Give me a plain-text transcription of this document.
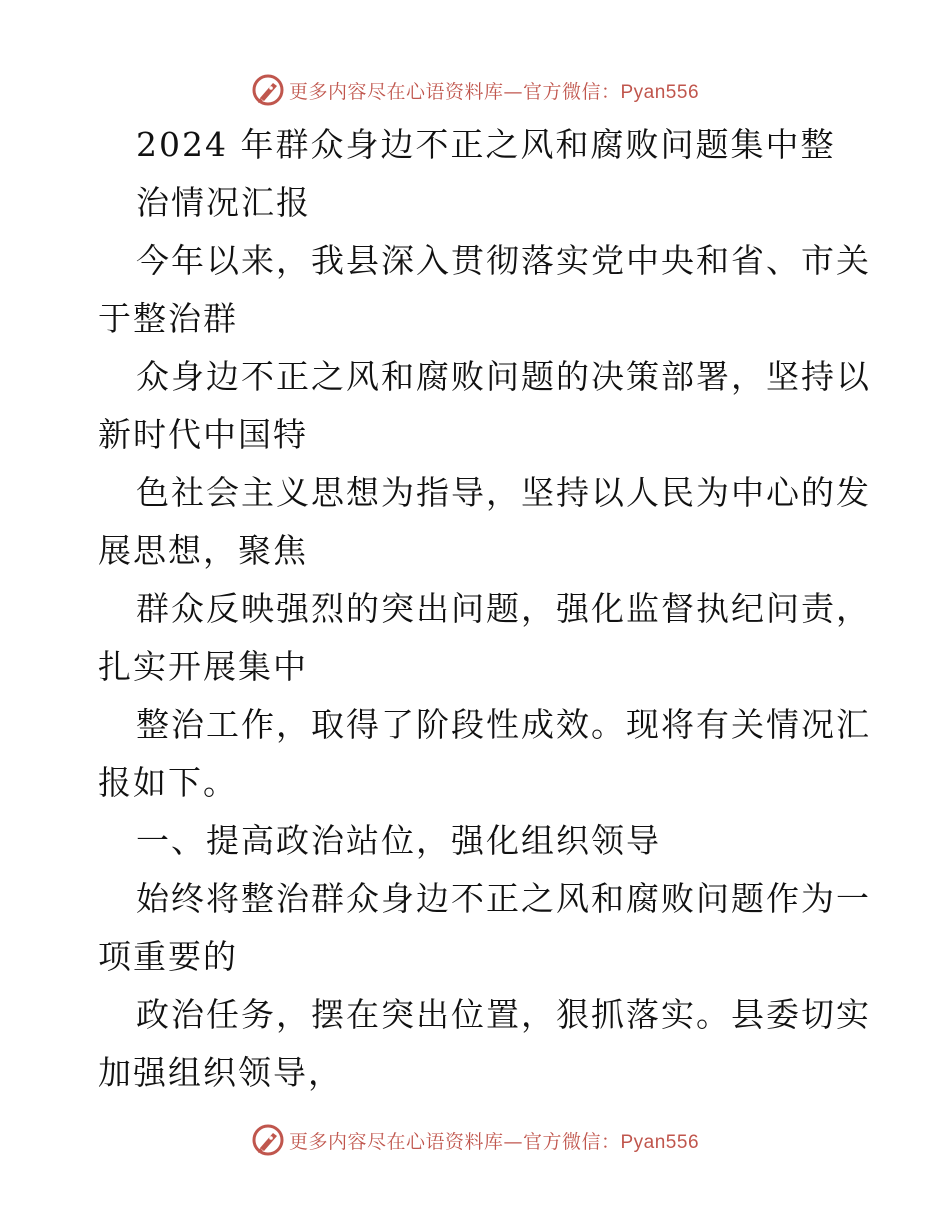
更多内容尽在心语资料库—官方微信：Pyan556
2024 年群众身边不正之风和腐败问题集中整
治情况汇报
今年以来，我县深入贯彻落实党中央和省、市关
于整治群
众身边不正之风和腐败问题的决策部署，坚持以
新时代中国特
色社会主义思想为指导，坚持以人民为中心的发
展思想，聚焦
群众反映强烈的突出问题，强化监督执纪问责，
扎实开展集中
整治工作，取得了阶段性成效。现将有关情况汇
报如下。
一、提高政治站位，强化组织领导
始终将整治群众身边不正之风和腐败问题作为一
项重要的
政治任务，摆在突出位置，狠抓落实。县委切实
加强组织领导，
更多内容尽在心语资料库—官方微信：Pyan556
